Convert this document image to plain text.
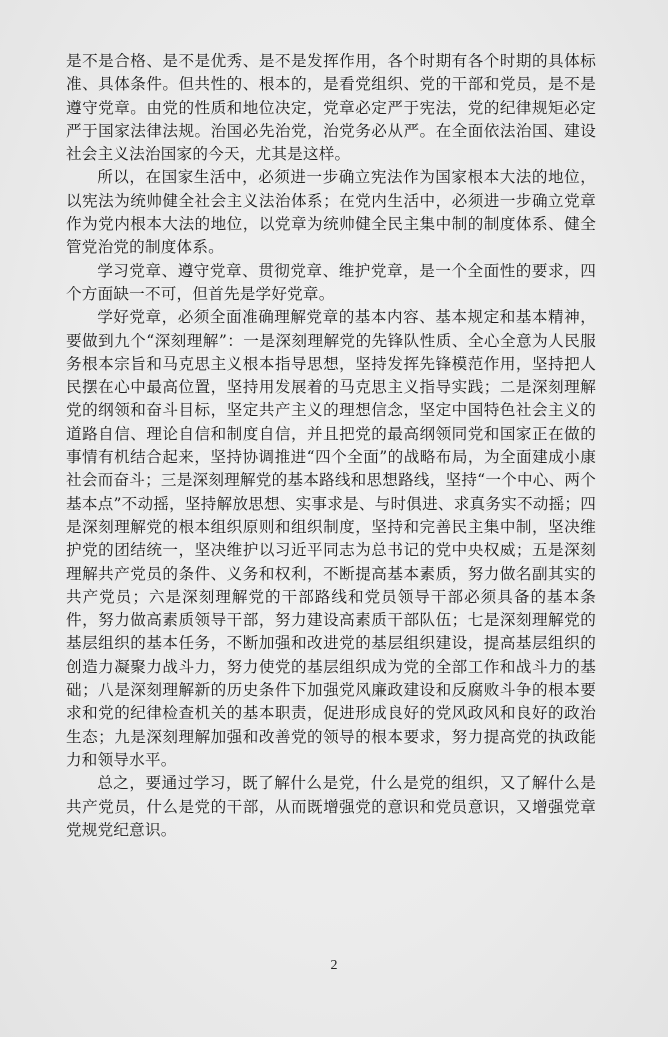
是不是合格、是不是优秀、是不是发挥作用，各个时期有各个时期的具体标准、具体条件。但共性的、根本的，是看党组织、党的干部和党员，是不是遵守党章。由党的性质和地位决定，党章必定严于宪法，党的纪律规矩必定严于国家法律法规。治国必先治党，治党务必从严。在全面依法治国、建设社会主义法治国家的今天，尤其是这样。

所以，在国家生活中，必须进一步确立宪法作为国家根本大法的地位，以宪法为统帅健全社会主义法治体系；在党内生活中，必须进一步确立党章作为党内根本大法的地位，以党章为统帅健全民主集中制的制度体系、健全管党治党的制度体系。

学习党章、遵守党章、贯彻党章、维护党章，是一个全面性的要求，四个方面缺一不可，但首先是学好党章。

学好党章，必须全面准确理解党章的基本内容、基本规定和基本精神，要做到九个“深刻理解”：一是深刻理解党的先锋队性质、全心全意为人民服务根本宗旨和马克思主义根本指导思想，坚持发挥先锋模范作用，坚持把人民摆在心中最高位置，坚持用发展着的马克思主义指导实践；二是深刻理解党的纲领和奋斗目标，坚定共产主义的理想信念，坚定中国特色社会主义的道路自信、理论自信和制度自信，并且把党的最高纲领同党和国家正在做的事情有机结合起来，坚持协调推进“四个全面”的战略布局，为全面建成小康社会而奋斗；三是深刻理解党的基本路线和思想路线，坚持“一个中心、两个基本点”不动摇，坚持解放思想、实事求是、与时俱进、求真务实不动摇；四是深刻理解党的根本组织原则和组织制度，坚持和完善民主集中制，坚决维护党的团结统一，坚决维护以习近平同志为总书记的党中央权威；五是深刻理解共产党员的条件、义务和权利，不断提高基本素质，努力做名副其实的共产党员；六是深刻理解党的干部路线和党员领导干部必须具备的基本条件，努力做高素质领导干部，努力建设高素质干部队伍；七是深刻理解党的基层组织的基本任务，不断加强和改进党的基层组织建设，提高基层组织的创造力凝聚力战斗力，努力使党的基层组织成为党的全部工作和战斗力的基础；八是深刻理解新的历史条件下加强党风廉政建设和反腐败斗争的根本要求和党的纪律检查机关的基本职责，促进形成良好的党风政风和良好的政治生态；九是深刻理解加强和改善党的领导的根本要求，努力提高党的执政能力和领导水平。

总之，要通过学习，既了解什么是党，什么是党的组织，又了解什么是共产党员，什么是党的干部，从而既增强党的意识和党员意识，又增强党章党规党纪意识。

2
